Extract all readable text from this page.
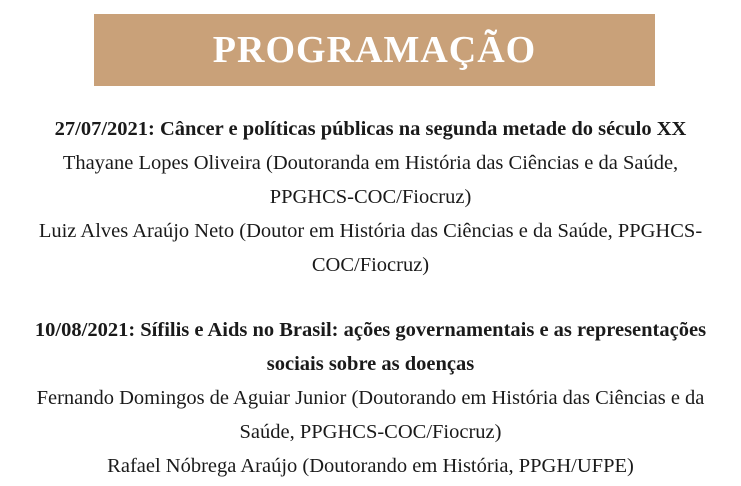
PROGRAMAÇÃO
27/07/2021: Câncer e políticas públicas na segunda metade do século XX
Thayane Lopes Oliveira (Doutoranda em História das Ciências e da Saúde, PPGHCS-COC/Fiocruz)
Luiz Alves Araújo Neto (Doutor em História das Ciências e da Saúde, PPGHCS-COC/Fiocruz)
10/08/2021: Sífilis e Aids no Brasil: ações governamentais e as representações sociais sobre as doenças
Fernando Domingos de Aguiar Junior (Doutorando em História das Ciências e da Saúde, PPGHCS-COC/Fiocruz)
Rafael Nóbrega Araújo (Doutorando em História, PPGH/UFPE)
